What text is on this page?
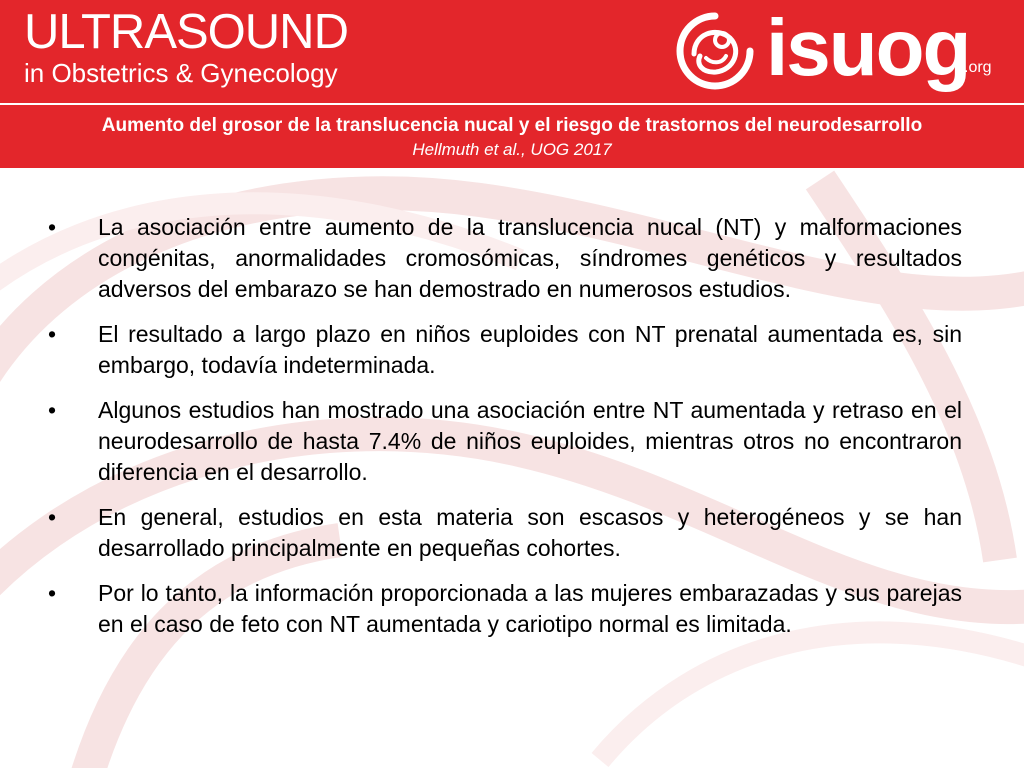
ULTRASOUND

in Obstetrics & Gynecology	isuog
.org

Aumento del grosor de la translucencia nucal y el riesgo de trastornos del neurodesarrollo

Hellmuth et al., UOG 2017

• La asociación entre aumento de la translucencia nucal (NT) y malformaciones congénitas, anormalidades cromosómicas, síndromes genéticos y resultados adversos del embarazo se han demostrado en numerosos estudios.
• El resultado a largo plazo en niños euploides con NT prenatal aumentada es, sin embargo, todavía indeterminada.
• Algunos estudios han mostrado una asociación entre NT aumentada y retraso en el neurodesarrollo de hasta 7.4% de niños euploides, mientras otros no encontraron diferencia en el desarrollo.
• En general, estudios en esta materia son escasos y heterogéneos y se han desarrollado principalmente en pequeñas cohortes.
• Por lo tanto, la información proporcionada a las mujeres embarazadas y sus parejas en el caso de feto con NT aumentada y cariotipo normal es limitada.
